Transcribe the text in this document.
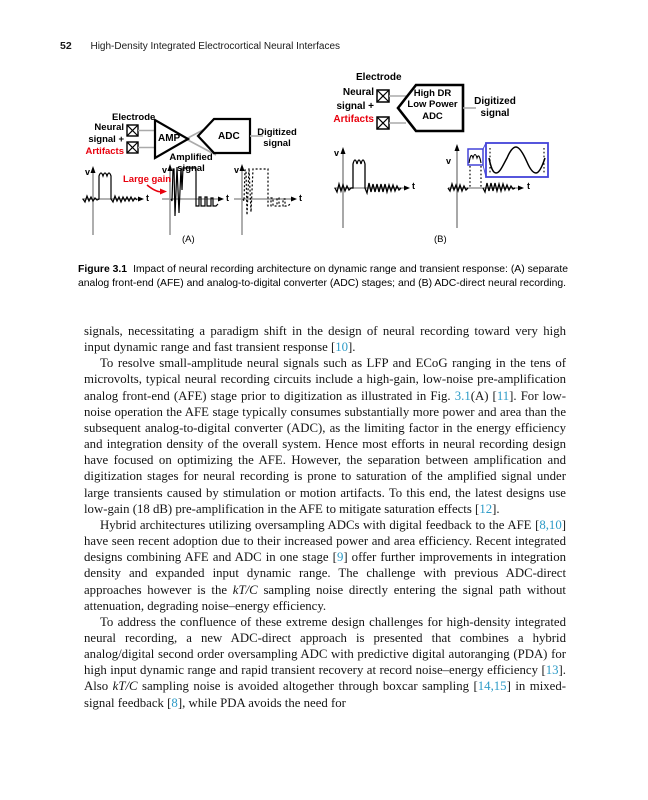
52 High-Density Integrated Electrocortical Neural Interfaces
Electrode
Neural
signal +
Artifacts
AMP	ADC
Amplified
signal
Digitized
signal
Large gain
v
t
v
t
v
t
(A)
Electrode
Neural
signal +
Artifacts
High DR
Low Power
ADC
Digitized
signal
v
t
v
t
(B)
Figure 3.1 Impact of neural recording architecture on dynamic range and transient response: (A) separate analog front-end (AFE) and analog-to-digital converter (ADC) stages; and (B) ADC-direct neural recording.

signals, necessitating a paradigm shift in the design of neural recording toward very high input dynamic range and fast transient response [10].

To resolve small-amplitude neural signals such as LFP and ECoG ranging in the tens of microvolts, typical neural recording circuits include a high-gain, low-noise pre-amplification analog front-end (AFE) stage prior to digitization as illustrated in Fig. 3.1(A) [11]. For low-noise operation the AFE stage typically consumes substantially more power and area than the subsequent analog-to-digital converter (ADC), as the limiting factor in the energy efficiency and integration density of the overall system. Hence most efforts in neural recording design have focused on optimizing the AFE. However, the separation between amplification and digitization stages for neural recording is prone to saturation of the amplified signal under large transients caused by stimulation or motion artifacts. To this end, the latest designs use low-gain (18 dB) pre-amplification in the AFE to mitigate saturation effects [12].

Hybrid architectures utilizing oversampling ADCs with digital feedback to the AFE [8,10] have seen recent adoption due to their increased power and area efficiency. Recent integrated designs combining AFE and ADC in one stage [9] offer further improvements in integration density and expanded input dynamic range. The challenge with previous ADC-direct approaches however is the kT/C sampling noise directly entering the signal path without attenuation, degrading noise–energy efficiency.

To address the confluence of these extreme design challenges for high-density integrated neural recording, a new ADC-direct approach is presented that combines a hybrid analog/digital second order oversampling ADC with predictive digital autoranging (PDA) for high input dynamic range and rapid transient recovery at record noise–energy efficiency [13]. Also kT/C sampling noise is avoided altogether through boxcar sampling [14,15] in mixed-signal feedback [8], while PDA avoids the need for
